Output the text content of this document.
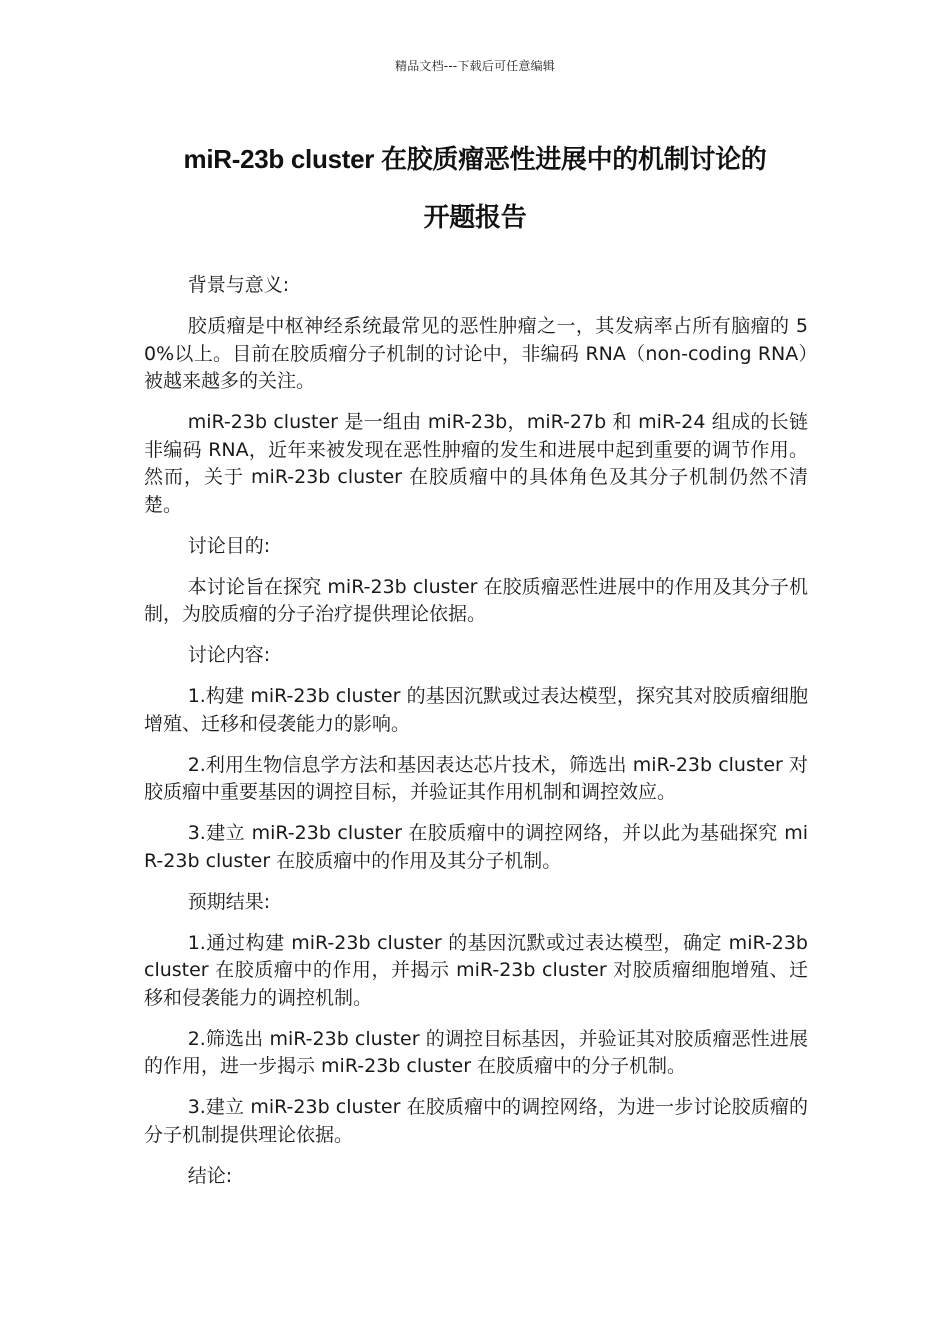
精品文档---下载后可任意编辑
miR-23b cluster 在胶质瘤恶性进展中的机制讨论的
开题报告

背景与意义:

胶质瘤是中枢神经系统最常见的恶性肿瘤之一，其发病率占所有脑瘤的 50%以上。目前在胶质瘤分子机制的讨论中，非编码 RNA（non-coding RNA）被越来越多的关注。

miR-23b cluster 是一组由 miR-23b，miR-27b 和 miR-24 组成的长链非编码 RNA，近年来被发现在恶性肿瘤的发生和进展中起到重要的调节作用。然而，关于 miR-23b cluster 在胶质瘤中的具体角色及其分子机制仍然不清楚。

讨论目的:

本讨论旨在探究 miR-23b cluster 在胶质瘤恶性进展中的作用及其分子机制，为胶质瘤的分子治疗提供理论依据。

讨论内容:

1.构建 miR-23b cluster 的基因沉默或过表达模型，探究其对胶质瘤细胞增殖、迁移和侵袭能力的影响。

2.利用生物信息学方法和基因表达芯片技术，筛选出 miR-23b cluster 对胶质瘤中重要基因的调控目标，并验证其作用机制和调控效应。

3.建立 miR-23b cluster 在胶质瘤中的调控网络，并以此为基础探究 miR-23b cluster 在胶质瘤中的作用及其分子机制。

预期结果:

1.通过构建 miR-23b cluster 的基因沉默或过表达模型，确定 miR-23b cluster 在胶质瘤中的作用，并揭示 miR-23b cluster 对胶质瘤细胞增殖、迁移和侵袭能力的调控机制。

2.筛选出 miR-23b cluster 的调控目标基因，并验证其对胶质瘤恶性进展的作用，进一步揭示 miR-23b cluster 在胶质瘤中的分子机制。

3.建立 miR-23b cluster 在胶质瘤中的调控网络，为进一步讨论胶质瘤的分子机制提供理论依据。

结论:
